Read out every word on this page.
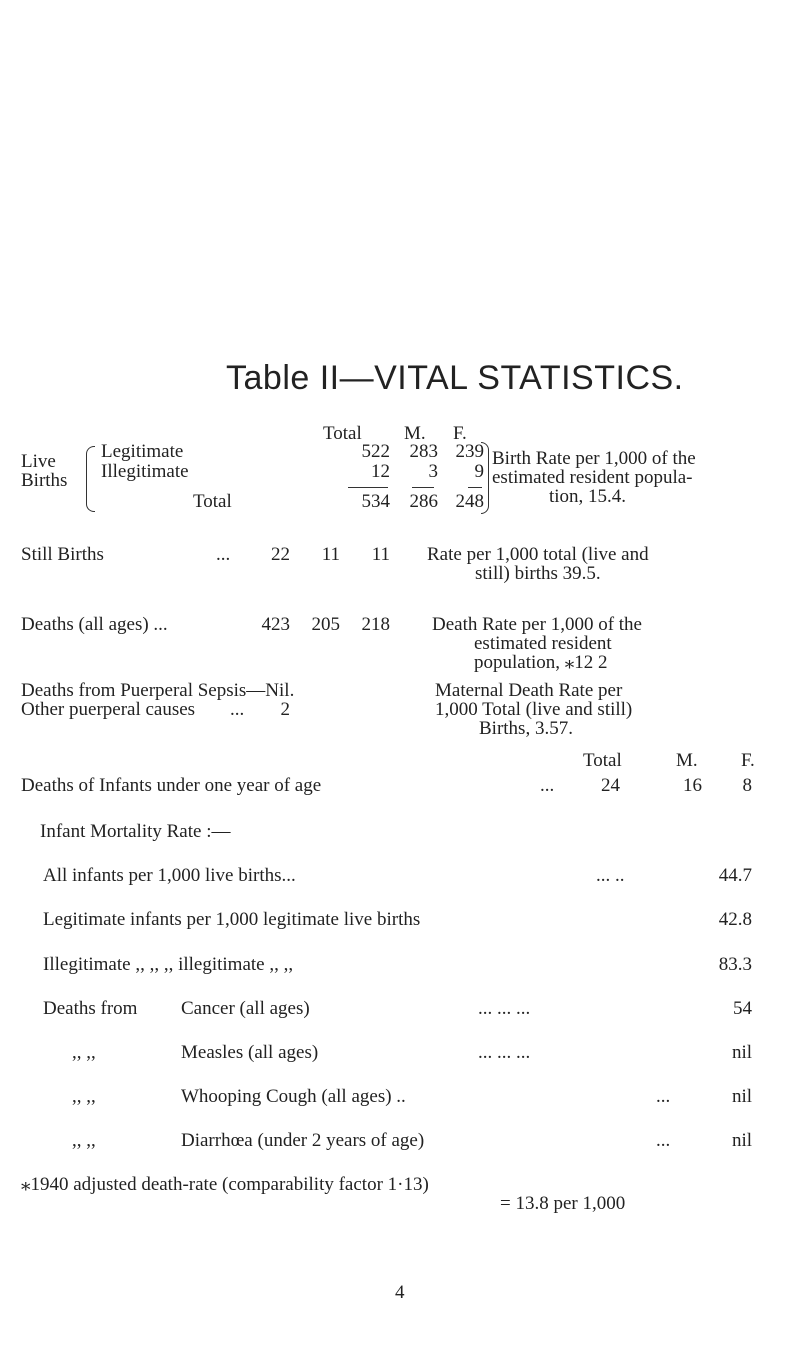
Table II—VITAL STATISTICS.
Total M. F.
Live
Births
Legitimate	522	283 239
Illegitimate	12	3	9
Total	534	286 248
Birth Rate per 1,000 of the
estimated resident popula-
tion, 15.4.
Still Births	...	22	11	11 Rate per 1,000 total (live and
still) births 39.5.
Deaths (all ages) ...	423	205	218 Death Rate per 1,000 of the
estimated resident
population, ⁎12 2
Deaths from Puerperal Sepsis—Nil.
Other puerperal causes ...	2
Maternal Death Rate per
1,000 Total (live and still)
Births, 3.57.
Total	M. F.
Deaths of Infants under one year of age	...	24	16	8
Infant Mortality Rate :—
All infants per 1,000 live births...	... ..	44.7
Legitimate infants per 1,000 legitimate live births	42.8
Illegitimate ,, ,, ,, illegitimate ,, ,,	83.3
Deaths from Cancer (all ages)	... ... ...	54
,, ,,	Measles (all ages)	... ... ...	nil
,, ,,	Whooping Cough (all ages) ..	...	nil
,, ,,	Diarrhœa (under 2 years of age)	...	nil
⁎1940 adjusted death-rate (comparability factor 1·13)
= 13.8 per 1,000
4
